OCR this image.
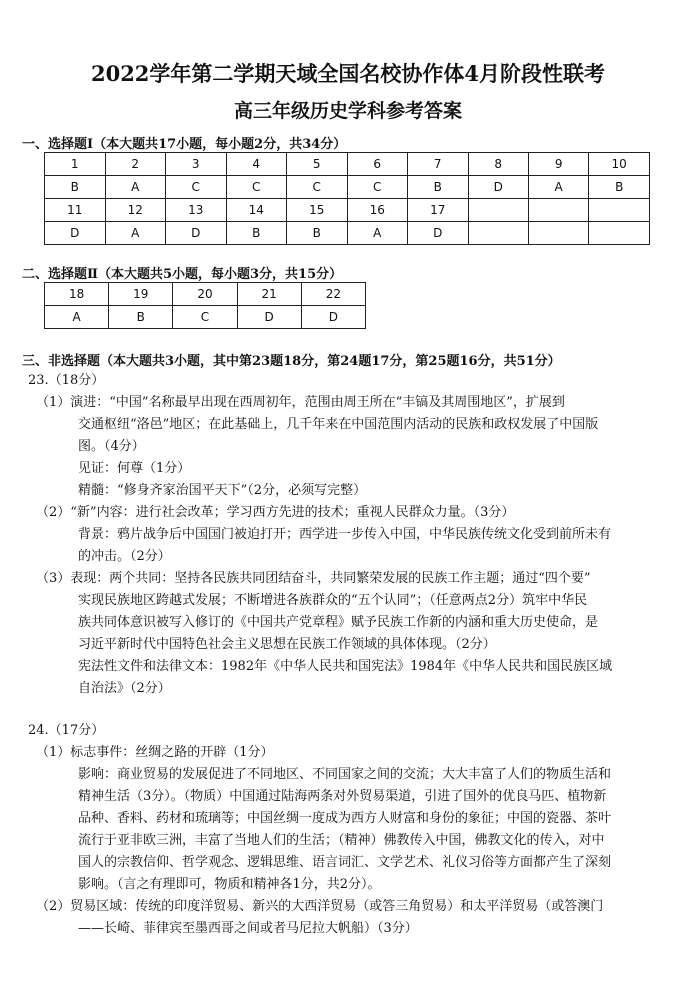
2022学年第二学期天域全国名校协作体4月阶段性联考
高三年级历史学科参考答案
一、选择题Ⅰ（本大题共17小题，每小题2分，共34分）
1	2	3	4	5	6	7	8	9	10
B	A	C	C	C	C	B	D	A	B
11	12	13	14	15	16	17			
D	A	D	B	B	A	D			
二、选择题Ⅱ（本大题共5小题，每小题3分，共15分）
18	19	20	21	22
A	B	C	D	D
三、非选择题（本大题共3小题，其中第23题18分，第24题17分，第25题16分，共51分）
23.（18分）
（1）演进：“中国”名称最早出现在西周初年，范围由周王所在“丰镐及其周围地区”，扩展到
交通枢纽“洛邑”地区；在此基础上，几千年来在中国范围内活动的民族和政权发展了中国版
图。（4分）
见证：何尊（1分）
精髓：“修身齐家治国平天下”（2分，必须写完整）
（2）“新”内容：进行社会改革；学习西方先进的技术；重视人民群众力量。（3分）
背景：鸦片战争后中国国门被迫打开；西学进一步传入中国，中华民族传统文化受到前所未有
的冲击。（2分）
（3）表现：两个共同：坚持各民族共同团结奋斗，共同繁荣发展的民族工作主题；通过“四个要”
实现民族地区跨越式发展；不断增进各族群众的“五个认同”；（任意两点2分）筑牢中华民
族共同体意识被写入修订的《中国共产党章程》赋予民族工作新的内涵和重大历史使命，是
习近平新时代中国特色社会主义思想在民族工作领域的具体体现。（2分）
宪法性文件和法律文本：1982年《中华人民共和国宪法》1984年《中华人民共和国民族区域
自治法》（2分）
24.（17分）
（1）标志事件：丝绸之路的开辟（1分）
影响：商业贸易的发展促进了不同地区、不同国家之间的交流；大大丰富了人们的物质生活和
精神生活（3分）。（物质）中国通过陆海两条对外贸易渠道，引进了国外的优良马匹、植物新
品种、香料、药材和琉璃等；中国丝绸一度成为西方人财富和身份的象征；中国的瓷器、茶叶
流行于亚非欧三洲，丰富了当地人们的生活；（精神）佛教传入中国，佛教文化的传入，对中
国人的宗教信仰、哲学观念、逻辑思维、语言词汇、文学艺术、礼仪习俗等方面都产生了深刻
影响。（言之有理即可，物质和精神各1分，共2分）。
（2）贸易区域：传统的印度洋贸易、新兴的大西洋贸易（或答三角贸易）和太平洋贸易（或答澳门
——长崎、菲律宾至墨西哥之间或者马尼拉大帆船）（3分）
